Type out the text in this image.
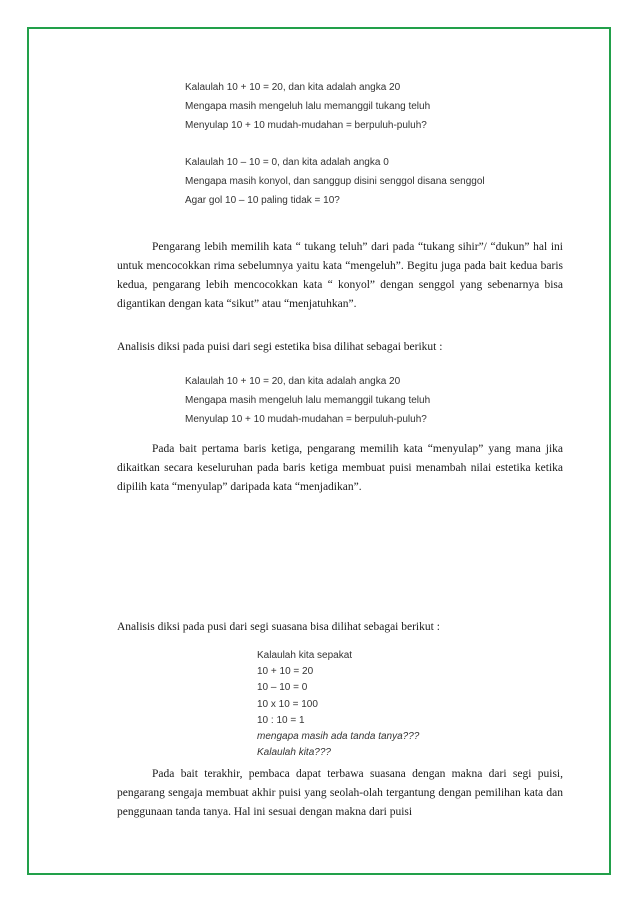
Kalaulah 10 + 10 = 20, dan kita adalah angka 20
Mengapa masih mengeluh lalu memanggil tukang teluh
Menyulap 10 + 10 mudah-mudahan = berpuluh-puluh?
Kalaulah 10 – 10 = 0, dan kita adalah angka 0
Mengapa masih konyol, dan sanggup disini senggol disana senggol
Agar gol 10 – 10 paling tidak = 10?

Pengarang lebih memilih kata “ tukang teluh” dari pada “tukang sihir”/ “dukun” hal ini untuk mencocokkan rima sebelumnya yaitu kata “mengeluh”. Begitu juga pada bait kedua baris kedua, pengarang lebih mencocokkan kata “ konyol” dengan senggol yang sebenarnya bisa digantikan dengan kata “sikut” atau “menjatuhkan”.

Analisis diksi pada puisi dari segi estetika bisa dilihat sebagai berikut :

Kalaulah 10 + 10 = 20, dan kita adalah angka 20
Mengapa masih mengeluh lalu memanggil tukang teluh
Menyulap 10 + 10 mudah-mudahan = berpuluh-puluh?

Pada bait pertama baris ketiga, pengarang memilih kata “menyulap” yang mana jika dikaitkan secara keseluruhan pada baris ketiga membuat puisi menambah nilai estetika ketika dipilih kata “menyulap” daripada kata “menjadikan”.

Analisis diksi pada pusi dari segi suasana bisa dilihat sebagai berikut :

Kalaulah kita sepakat
10 + 10 = 20
10 – 10 = 0
10 x 10 = 100
10 : 10 = 1
mengapa masih ada tanda tanya???
Kalaulah kita???

Pada bait terakhir, pembaca dapat terbawa suasana dengan makna dari segi puisi, pengarang sengaja membuat akhir puisi yang seolah-olah tergantung dengan pemilihan kata dan penggunaan tanda tanya. Hal ini sesuai dengan makna dari puisi
